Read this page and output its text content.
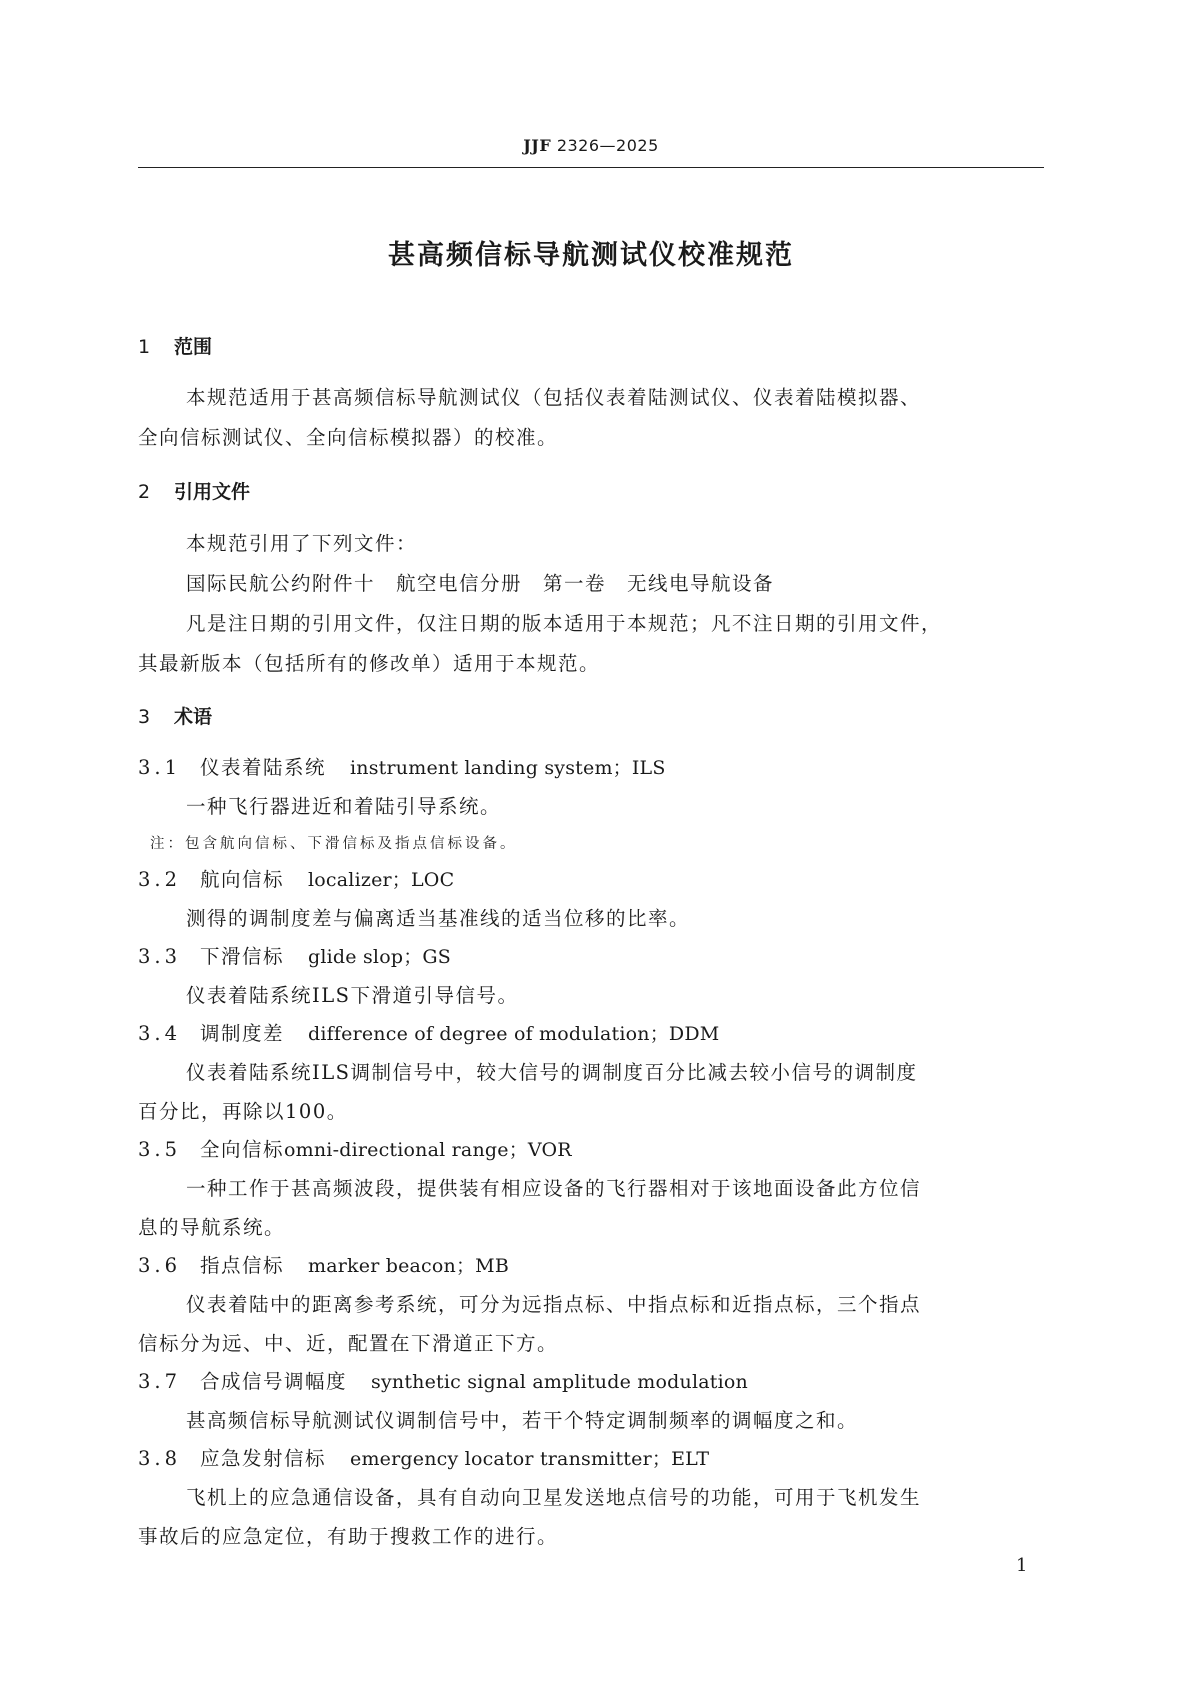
JJF 2326—2025
甚高频信标导航测试仪校准规范
1 范围
本规范适用于甚高频信标导航测试仪（包括仪表着陆测试仪、仪表着陆模拟器、
全向信标测试仪、全向信标模拟器）的校准。
2 引用文件
本规范引用了下列文件：
国际民航公约附件十　航空电信分册　第一卷　无线电导航设备
凡是注日期的引用文件，仅注日期的版本适用于本规范；凡不注日期的引用文件，
其最新版本（包括所有的修改单）适用于本规范。
3 术语
3.1 仪表着陆系统 instrument landing system；ILS
一种飞行器进近和着陆引导系统。
注：包含航向信标、下滑信标及指点信标设备。
3.2 航向信标 localizer；LOC
测得的调制度差与偏离适当基准线的适当位移的比率。
3.3 下滑信标 glide slop；GS
仪表着陆系统ILS下滑道引导信号。
3.4 调制度差 difference of degree of modulation；DDM
仪表着陆系统ILS调制信号中，较大信号的调制度百分比减去较小信号的调制度
百分比，再除以100。
3.5 全向信标omni-directional range；VOR
一种工作于甚高频波段，提供装有相应设备的飞行器相对于该地面设备此方位信
息的导航系统。
3.6 指点信标 marker beacon；MB
仪表着陆中的距离参考系统，可分为远指点标、中指点标和近指点标，三个指点
信标分为远、中、近，配置在下滑道正下方。
3.7 合成信号调幅度 synthetic signal amplitude modulation
甚高频信标导航测试仪调制信号中，若干个特定调制频率的调幅度之和。
3.8 应急发射信标 emergency locator transmitter；ELT
飞机上的应急通信设备，具有自动向卫星发送地点信号的功能，可用于飞机发生
事故后的应急定位，有助于搜救工作的进行。
1
